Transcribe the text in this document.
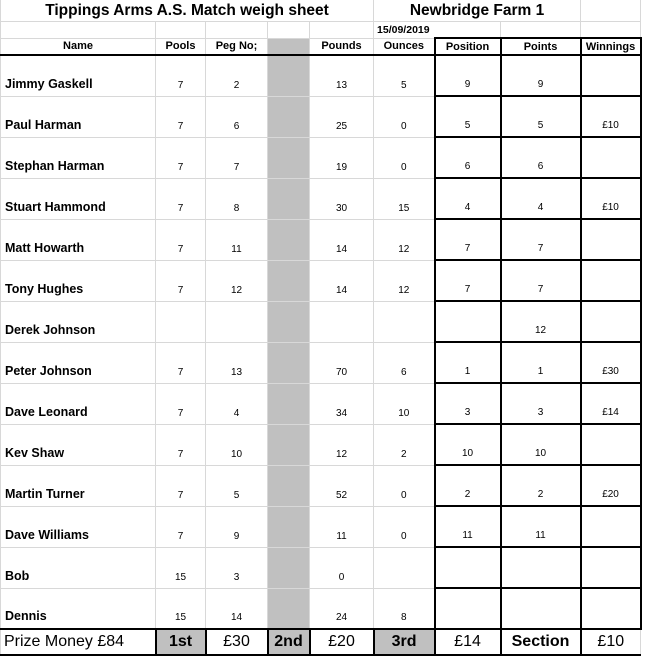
Tippings Arms A.S. Match weigh sheet					Newbridge Farm 1			
					15/09/2019			
Name	Pools	Peg No;		Pounds	Ounces	Position	Points	Winnings
Jimmy Gaskell	7	2		13	5	9	9	
Paul Harman	7	6		25	0	5	5	£10
Stephan Harman	7	7		19	0	6	6	
Stuart Hammond	7	8		30	15	4	4	£10
Matt Howarth	7	11		14	12	7	7	
Tony Hughes	7	12		14	12	7	7	
Derek Johnson							12	
Peter Johnson	7	13		70	6	1	1	£30
Dave Leonard	7	4		34	10	3	3	£14
Kev Shaw	7	10		12	2	10	10	
Martin Turner	7	5		52	0	2	2	£20
Dave Williams	7	9		11	0	11	11	
Bob	15	3		0				
Dennis	15	14		24	8			
Prize Money £84	1st	£30	2nd	£20	3rd	£14	Section	£10
